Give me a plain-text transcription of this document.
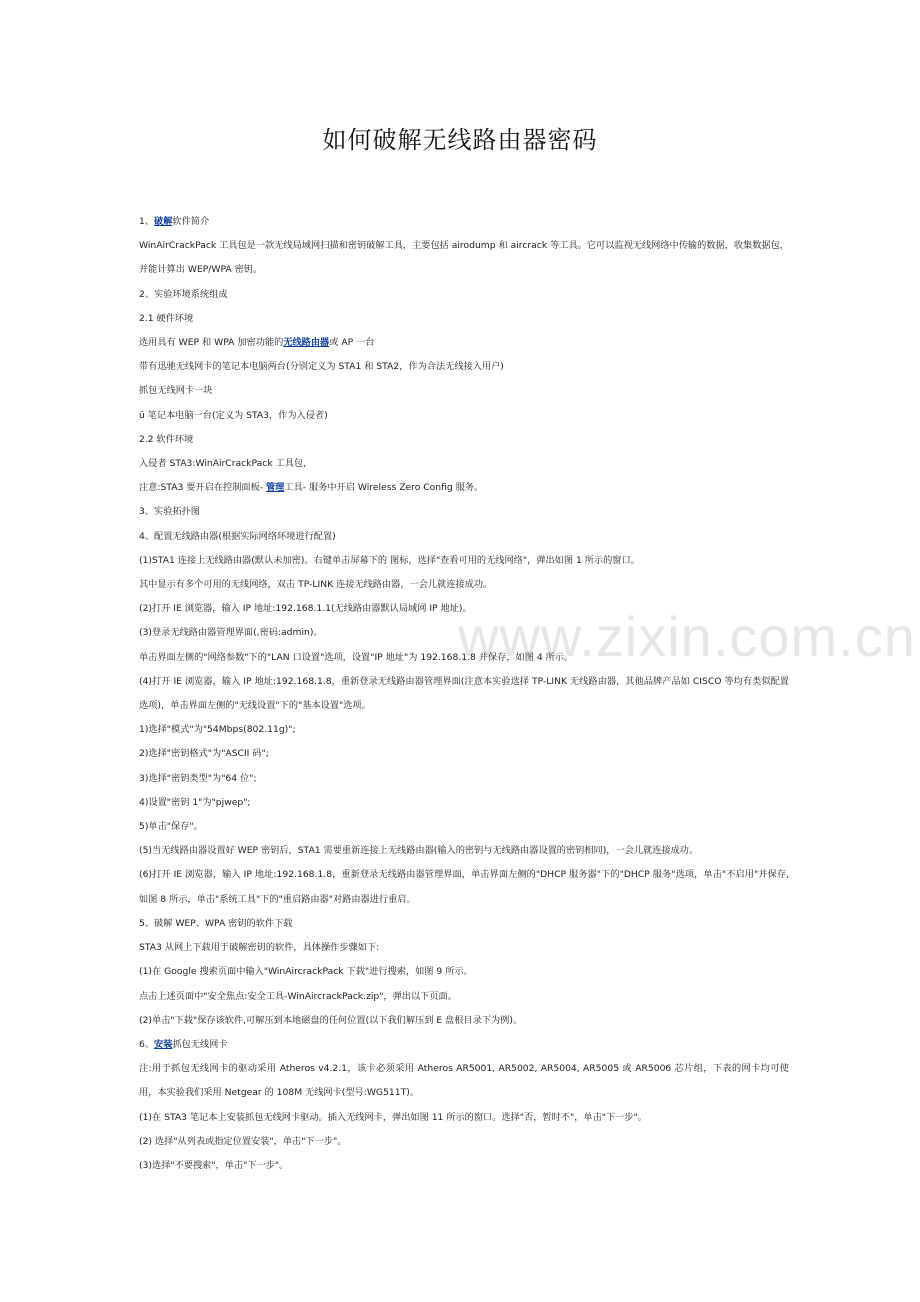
www.zixin.com.cn
如何破解无线路由器密码

1、破解软件简介

WinAirCrackPack 工具包是一款无线局域网扫描和密钥破解工具，主要包括 airodump 和 aircrack 等工具。它可以监视无线网络中传输的数据，收集数据包，并能计算出 WEP/WPA 密钥。

2、实验环境系统组成

2.1 硬件环境

选用具有 WEP 和 WPA 加密功能的无线路由器或 AP 一台

带有迅驰无线网卡的笔记本电脑两台(分别定义为 STA1 和 STA2，作为合法无线接入用户)

抓包无线网卡一块

ü 笔记本电脑一台(定义为 STA3，作为入侵者)

2.2 软件环境

入侵者 STA3:WinAirCrackPack 工具包，

注意:STA3 要开启在控制面板- 管理工具- 服务中开启 Wireless Zero Config 服务。

3、实验拓扑图

4、配置无线路由器(根据实际网络环境进行配置)

(1)STA1 连接上无线路由器(默认未加密)。右键单击屏幕下的 图标，选择"查看可用的无线网络"，弹出如图 1 所示的窗口。

其中显示有多个可用的无线网络，双击 TP-LINK 连接无线路由器，一会儿就连接成功。

(2)打开 IE 浏览器，输入 IP 地址:192.168.1.1(无线路由器默认局域网 IP 地址)。

(3)登录无线路由器管理界面(,密码:admin)。

单击界面左侧的"网络参数"下的"LAN 口设置"选项，设置"IP 地址"为 192.168.1.8 并保存，如图 4 所示。

(4)打开 IE 浏览器，输入 IP 地址:192.168.1.8，重新登录无线路由器管理界面(注意本实验选择 TP-LINK 无线路由器，其他品牌产品如 CISCO 等均有类似配置选项)，单击界面左侧的"无线设置"下的"基本设置"选项。

1)选择"模式"为"54Mbps(802.11g)";

2)选择"密钥格式"为"ASCII 码";

3)选择"密钥类型"为"64 位";

4)设置"密钥 1"为"pjwep";

5)单击"保存"。

(5)当无线路由器设置好 WEP 密钥后，STA1 需要重新连接上无线路由器(输入的密钥与无线路由器设置的密钥相同)，一会儿就连接成功。

(6)打开 IE 浏览器，输入 IP 地址:192.168.1.8，重新登录无线路由器管理界面，单击界面左侧的"DHCP 服务器"下的"DHCP 服务"选项，单击"不启用"并保存,如图 8 所示，单击"系统工具"下的"重启路由器"对路由器进行重启。

5、破解 WEP、WPA 密钥的软件下载

STA3 从网上下载用于破解密钥的软件，具体操作步骤如下:

(1)在 Google 搜索页面中输入"WinAircrackPack 下载"进行搜索，如图 9 所示。

点击上述页面中"安全焦点:安全工具-WinAircrackPack.zip"，弹出以下页面。

(2)单击"下载"保存该软件,可解压到本地磁盘的任何位置(以下我们解压到 E 盘根目录下为例)。

6、安装抓包无线网卡

注:用于抓包无线网卡的驱动采用 Atheros v4.2.1，该卡必须采用 Atheros AR5001, AR5002, AR5004, AR5005 或 AR5006 芯片组，下表的网卡均可使用，本实验我们采用 Netgear 的 108M 无线网卡(型号:WG511T)。

(1)在 STA3 笔记本上安装抓包无线网卡驱动。插入无线网卡，弹出如图 11 所示的窗口。选择"否，暂时不"，单击"下一步"。

(2) 选择"从列表或指定位置安装"，单击"下一步"。

(3)选择"不要搜索"，单击"下一步"。
